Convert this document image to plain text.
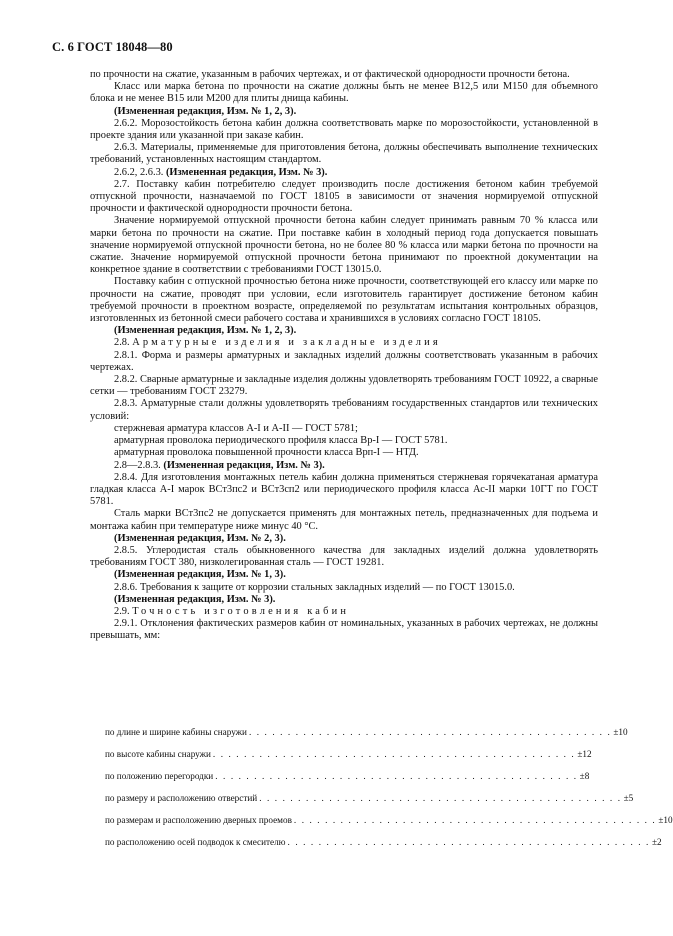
С. 6 ГОСТ 18048—80

по прочности на сжатие, указанным в рабочих чертежах, и от фактической однородности прочности бетона.

Класс или марка бетона по прочности на сжатие должны быть не менее В12,5 или М150 для объемного блока и не менее В15 или М200 для плиты днища кабины.

(Измененная редакция, Изм. № 1, 2, 3).

2.6.2. Морозостойкость бетона кабин должна соответствовать марке по морозостойкости, установленной в проекте здания или указанной при заказе кабин.

2.6.3. Материалы, применяемые для приготовления бетона, должны обеспечивать выполнение технических требований, установленных настоящим стандартом.

2.6.2, 2.6.3. (Измененная редакция, Изм. № 3).

2.7. Поставку кабин потребителю следует производить после достижения бетоном кабин требуемой отпускной прочности, назначаемой по ГОСТ 18105 в зависимости от значения нормируемой отпускной прочности и фактической однородности прочности бетона.

Значение нормируемой отпускной прочности бетона кабин следует принимать равным 70 % класса или марки бетона по прочности на сжатие. При поставке кабин в холодный период года допускается повышать значение нормируемой отпускной прочности бетона, но не более 80 % класса или марки бетона по прочности на сжатие. Значение нормируемой отпускной прочности бетона принимают по проектной документации на конкретное здание в соответствии с требованиями ГОСТ 13015.0.

Поставку кабин с отпускной прочностью бетона ниже прочности, соответствующей его классу или марке по прочности на сжатие, проводят при условии, если изготовитель гарантирует достижение бетоном кабин требуемой прочности в проектном возрасте, определяемой по результатам испытания контрольных образцов, изготовленных из бетонной смеси рабочего состава и хранившихся в условиях согласно ГОСТ 18105.

(Измененная редакция, Изм. № 1, 2, 3).

2.8. Арматурные изделия и закладные изделия

2.8.1. Форма и размеры арматурных и закладных изделий должны соответствовать указанным в рабочих чертежах.

2.8.2. Сварные арматурные и закладные изделия должны удовлетворять требованиям ГОСТ 10922, а сварные сетки — требованиям ГОСТ 23279.

2.8.3. Арматурные стали должны удовлетворять требованиям государственных стандартов или технических условий:

стержневая арматура классов А-I и А-II — ГОСТ 5781;

арматурная проволока периодического профиля класса Вр-I — ГОСТ 5781.

арматурная проволока повышенной прочности класса Врп-I — НТД.

2.8—2.8.3. (Измененная редакция, Изм. № 3).

2.8.4. Для изготовления монтажных петель кабин должна применяться стержневая горячекатаная арматура гладкая класса А-I марок ВСт3пс2 и ВСт3сп2 или периодического профиля класса Ас-II марки 10ГТ по ГОСТ 5781.

Сталь марки ВСт3пс2 не допускается применять для монтажных петель, предназначенных для подъема и монтажа кабин при температуре ниже минус 40 °С.

(Измененная редакция, Изм. № 2, 3).

2.8.5. Углеродистая сталь обыкновенного качества для закладных изделий должна удовлетворять требованиям ГОСТ 380, низколегированная сталь — ГОСТ 19281.

(Измененная редакция, Изм. № 1, 3).

2.8.6. Требования к защите от коррозии стальных закладных изделий — по ГОСТ 13015.0.

(Измененная редакция, Изм. № 3).

2.9. Точность изготовления кабин

2.9.1. Отклонения фактических размеров кабин от номинальных, указанных в рабочих чертежах, не должны превышать, мм:

по длине и ширине кабины снаружи . . . . . . . . . . . . . . . . . . . . . . . . . . . . . . . . . . . . . . . . . . . . . . . ±10
по высоте кабины снаружи . . . . . . . . . . . . . . . . . . . . . . . . . . . . . . . . . . . . . . . . . . . . . . . ±12
по положению перегородки . . . . . . . . . . . . . . . . . . . . . . . . . . . . . . . . . . . . . . . . . . . . . . . ±8
по размеру и расположению отверстий . . . . . . . . . . . . . . . . . . . . . . . . . . . . . . . . . . . . . . . . . . . . . . . ±5
по размерам и расположению дверных проемов . . . . . . . . . . . . . . . . . . . . . . . . . . . . . . . . . . . . . . . . . . . . . . . ±10
по расположению осей подводок к смесителю . . . . . . . . . . . . . . . . . . . . . . . . . . . . . . . . . . . . . . . . . . . . . . . ±2
